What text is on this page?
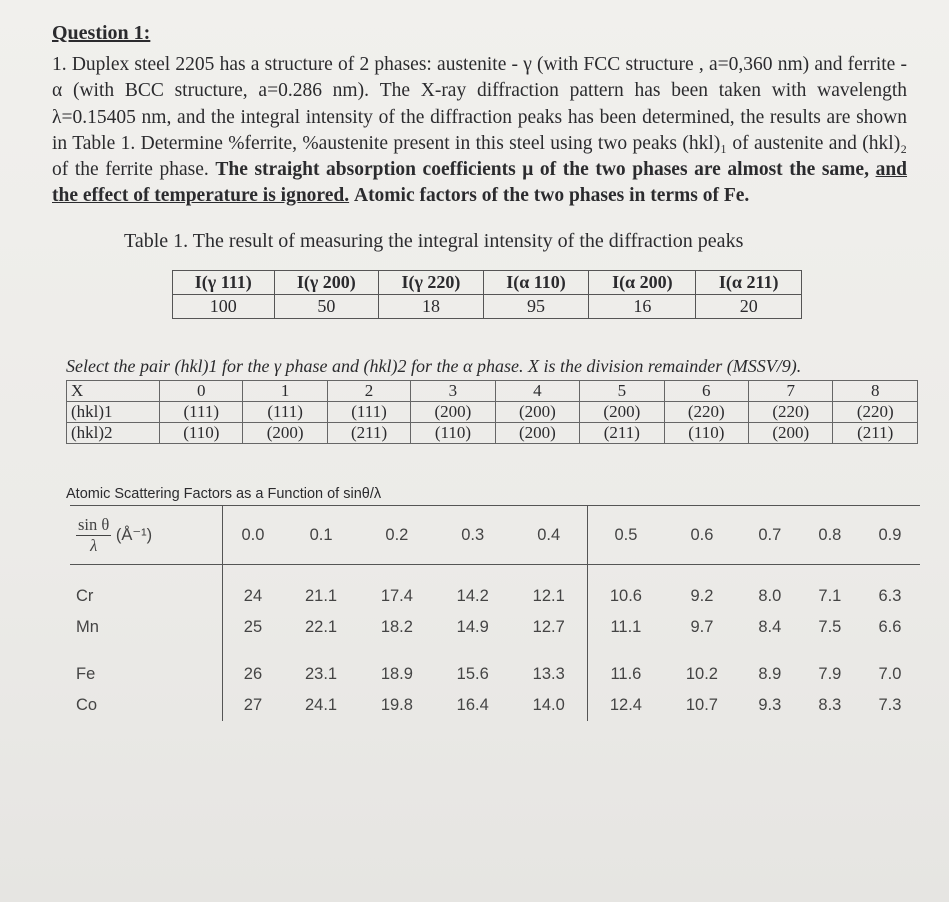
Question 1:
1. Duplex steel 2205 has a structure of 2 phases: austenite - γ (with FCC structure , a=0,360 nm) and ferrite - α (with BCC structure, a=0.286 nm). The X-ray diffraction pattern has been taken with wavelength λ=0.15405 nm, and the integral intensity of the diffraction peaks has been determined, the results are shown in Table 1. Determine %ferrite, %austenite present in this steel using two peaks (hkl)₁ of austenite and (hkl)₂ of the ferrite phase. The straight absorption coefficients μ of the two phases are almost the same, and the effect of temperature is ignored. Atomic factors of the two phases in terms of Fe.
Table 1. The result of measuring the integral intensity of the diffraction peaks
I(γ 111)	I(γ 200)	I(γ 220)	I(α 110)	I(α 200)	I(α 211)
100	50	18	95	16	20
Select the pair (hkl)1 for the γ phase and (hkl)2 for the α phase. X is the division remainder (MSSV/9).
X	0	1	2	3	4	5	6	7	8
(hkl)1	(111)	(111)	(111)	(200)	(200)	(200)	(220)	(220)	(220)
(hkl)2	(110)	(200)	(211)	(110)	(200)	(211)	(110)	(200)	(211)
Atomic Scattering Factors as a Function of sinθ/λ
$\frac{\text{sin θ}}{\lambda}$ (Å⁻¹)	0.0	0.1	0.2	0.3	0.4	0.5	0.6	0.7	0.8	0.9

Cr	24	21.1	17.4	14.2	12.1	10.6	9.2	8.0	7.1	6.3
Mn	25	22.1	18.2	14.9	12.7	11.1	9.7	8.4	7.5	6.6

Fe	26	23.1	18.9	15.6	13.3	11.6	10.2	8.9	7.9	7.0
Co	27	24.1	19.8	16.4	14.0	12.4	10.7	9.3	8.3	7.3
